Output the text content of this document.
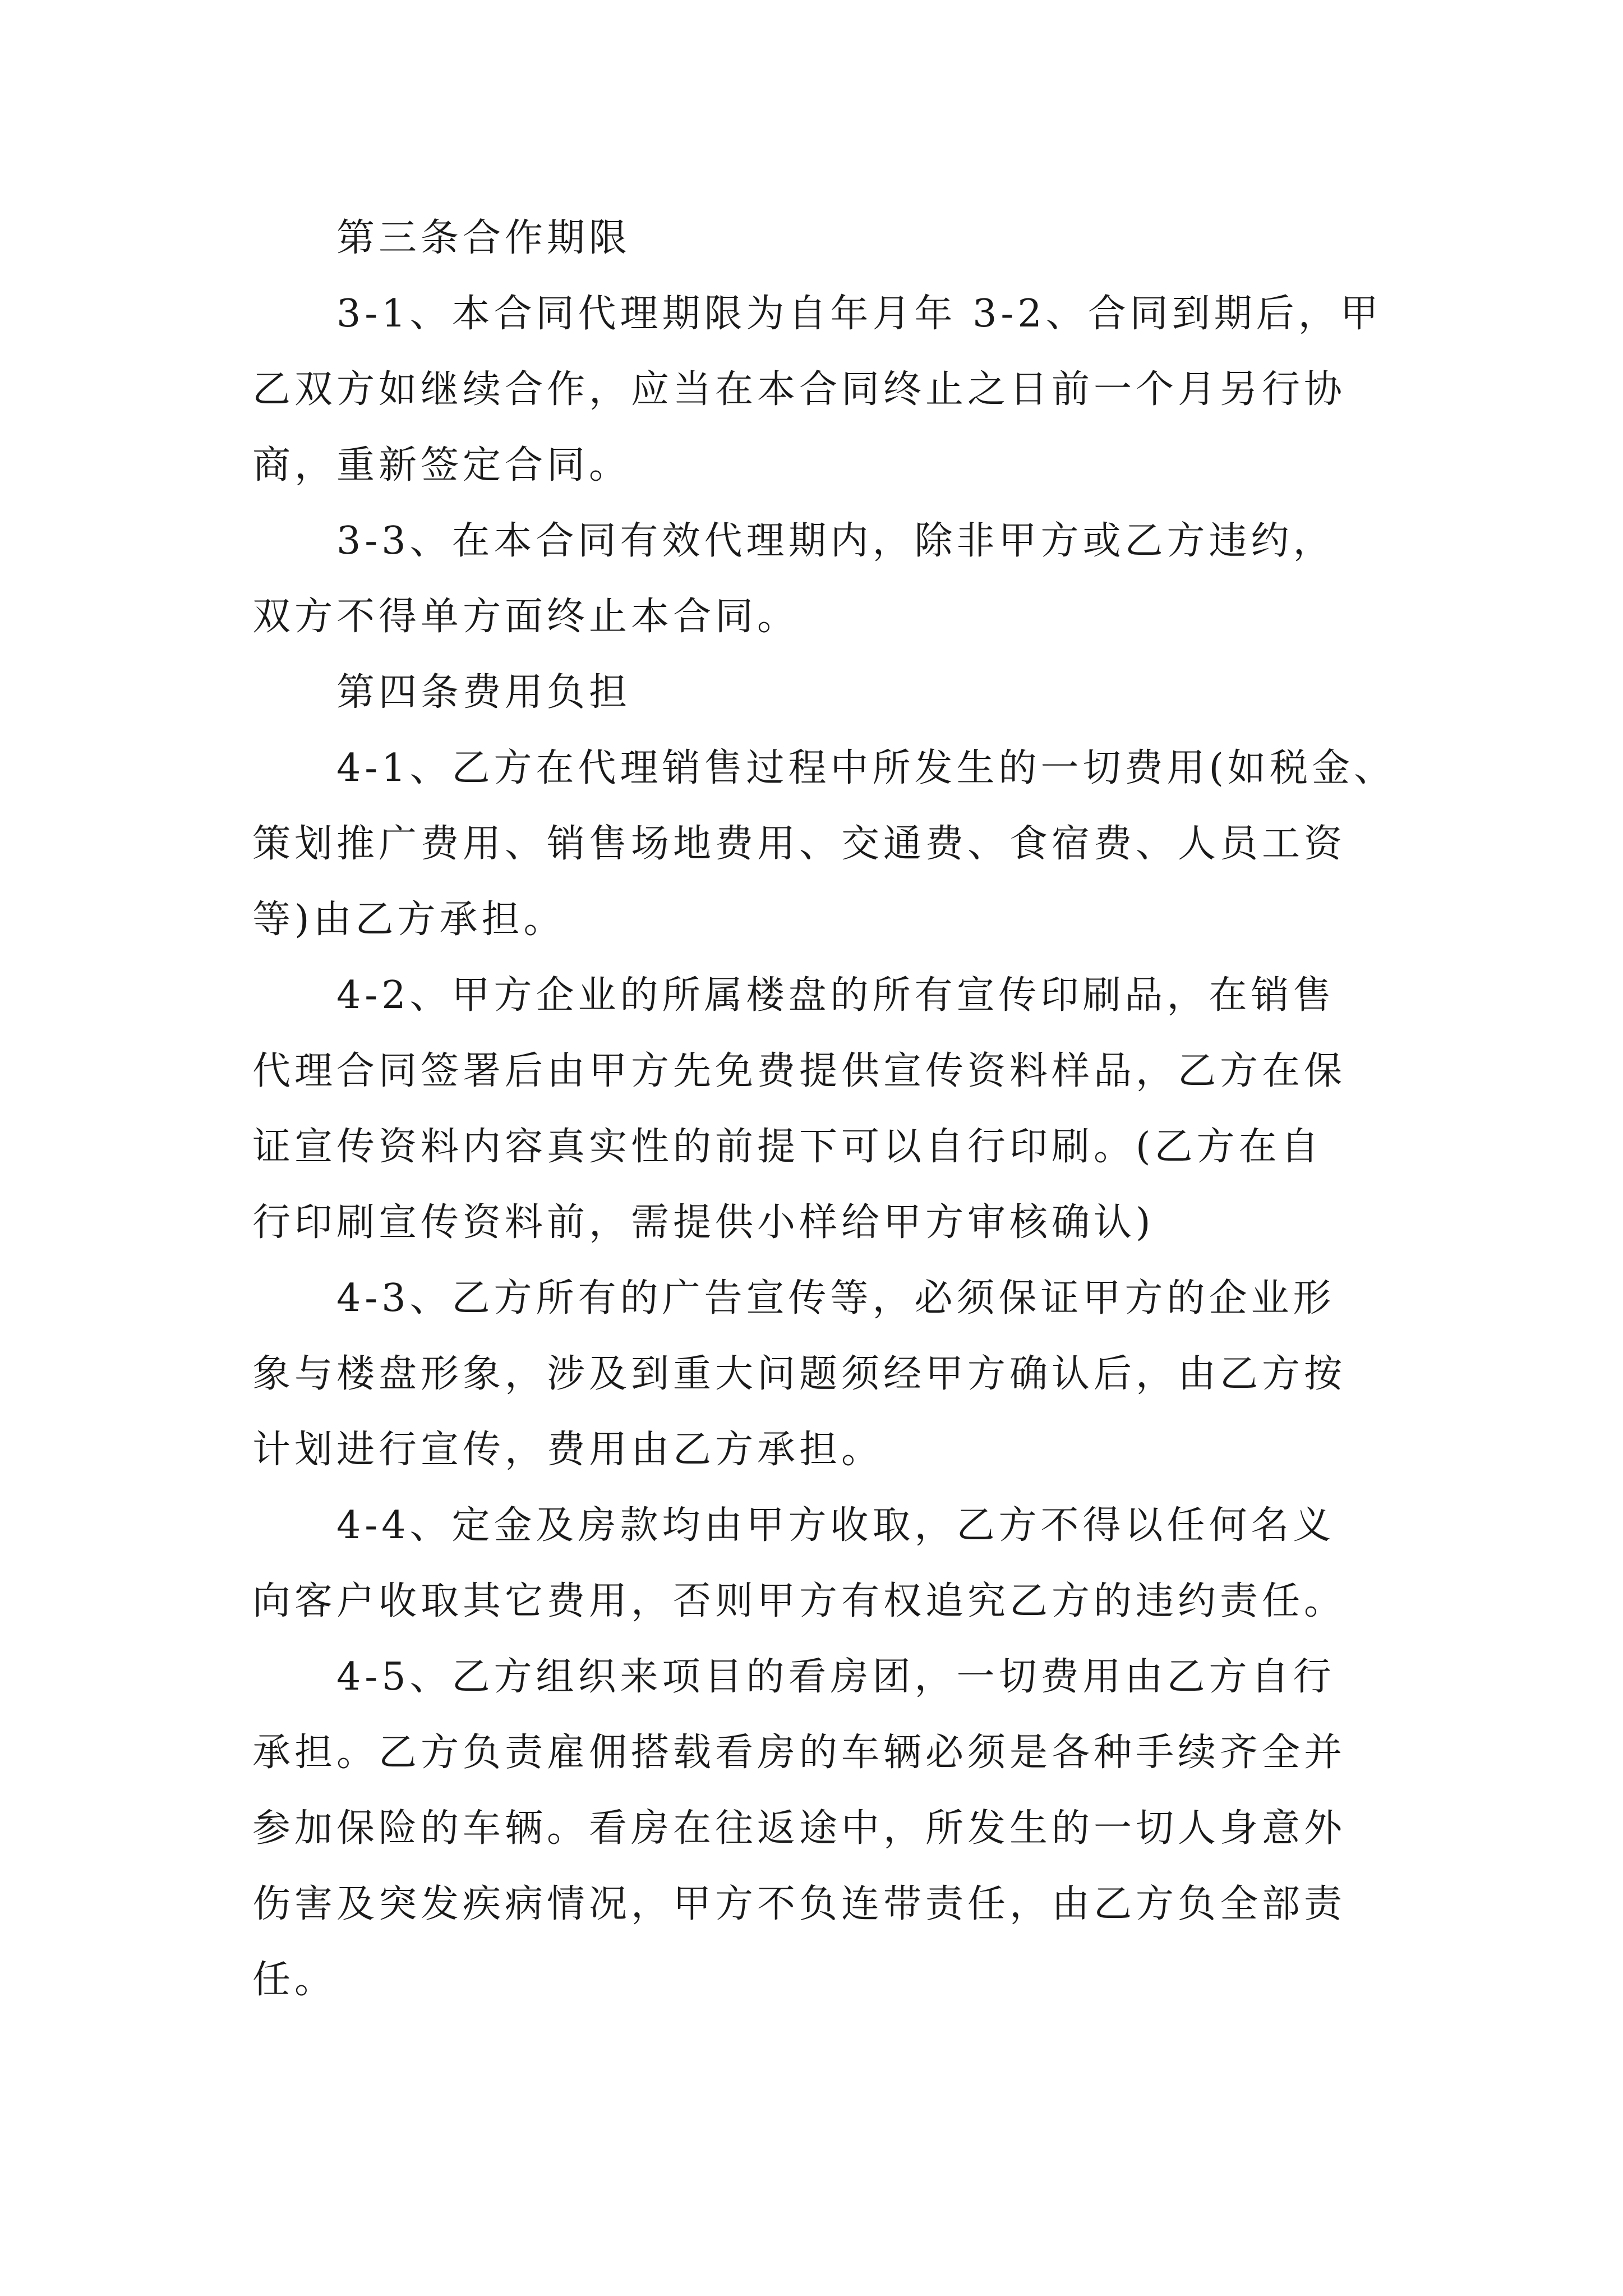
第三条合作期限
3-1、本合同代理期限为自年月年 3-2、合同到期后，甲
乙双方如继续合作，应当在本合同终止之日前一个月另行协
商，重新签定合同。
3-3、在本合同有效代理期内，除非甲方或乙方违约，
双方不得单方面终止本合同。
第四条费用负担
4-1、乙方在代理销售过程中所发生的一切费用(如税金、
策划推广费用、销售场地费用、交通费、食宿费、人员工资
等)由乙方承担。
4-2、甲方企业的所属楼盘的所有宣传印刷品，在销售
代理合同签署后由甲方先免费提供宣传资料样品，乙方在保
证宣传资料内容真实性的前提下可以自行印刷。(乙方在自
行印刷宣传资料前，需提供小样给甲方审核确认)
4-3、乙方所有的广告宣传等，必须保证甲方的企业形
象与楼盘形象，涉及到重大问题须经甲方确认后，由乙方按
计划进行宣传，费用由乙方承担。
4-4、定金及房款均由甲方收取，乙方不得以任何名义
向客户收取其它费用，否则甲方有权追究乙方的违约责任。
4-5、乙方组织来项目的看房团，一切费用由乙方自行
承担。乙方负责雇佣搭载看房的车辆必须是各种手续齐全并
参加保险的车辆。看房在往返途中，所发生的一切人身意外
伤害及突发疾病情况，甲方不负连带责任，由乙方负全部责
任。
